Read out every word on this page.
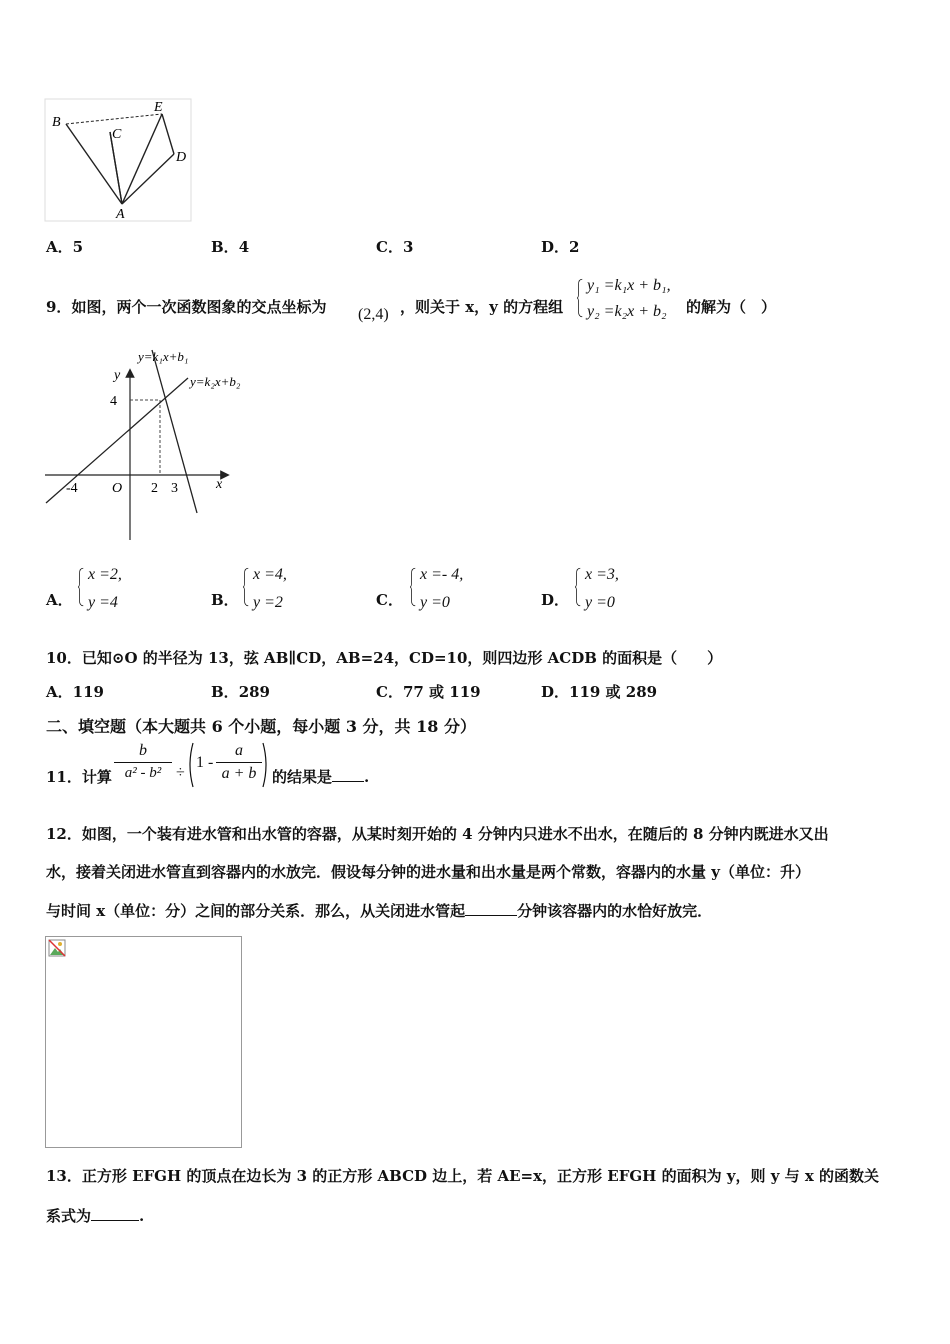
B
C
E
D
A
A．5	B．4	C．3	D．2
9．如图，两个一次函数图象的交点坐标为 (2,4) ，则关于 x，y 的方程组
y₁ =k₁x + b₁,
y₂ =k₂x + b₂ 的解为（　）
y=k₁x+b₁
y=k₂x+b₂
y
x
4
-4 O 2 3
A．
x =2,
y =4	B．
x =4,
y =2	C．
x =- 4,
y =0	D．
x =3,
y =0
10．已知⊙O 的半径为 13，弦 AB∥CD，AB=24，CD=10，则四边形 ACDB 的面积是（　　）
A．119	B．289	C．77 或 119	D．119 或 289
二、填空题（本大题共 6 个小题，每小题 3 分，共 18 分）
11．计算
b
a² - b² ÷
1 -
a
a + b	的结果是 .
12．如图，一个装有进水管和出水管的容器，从某时刻开始的 4 分钟内只进水不出水，在随后的 8 分钟内既进水又出
水，接着关闭进水管直到容器内的水放完．假设每分钟的进水量和出水量是两个常数，容器内的水量 y（单位：升）
与时间 x（单位：分）之间的部分关系．那么，从关闭进水管起	分钟该容器内的水恰好放完．
13．正方形 EFGH 的顶点在边长为 3 的正方形 ABCD 边上，若 AE=x，正方形 EFGH 的面积为 y，则 y 与 x 的函数关
系式为	.
